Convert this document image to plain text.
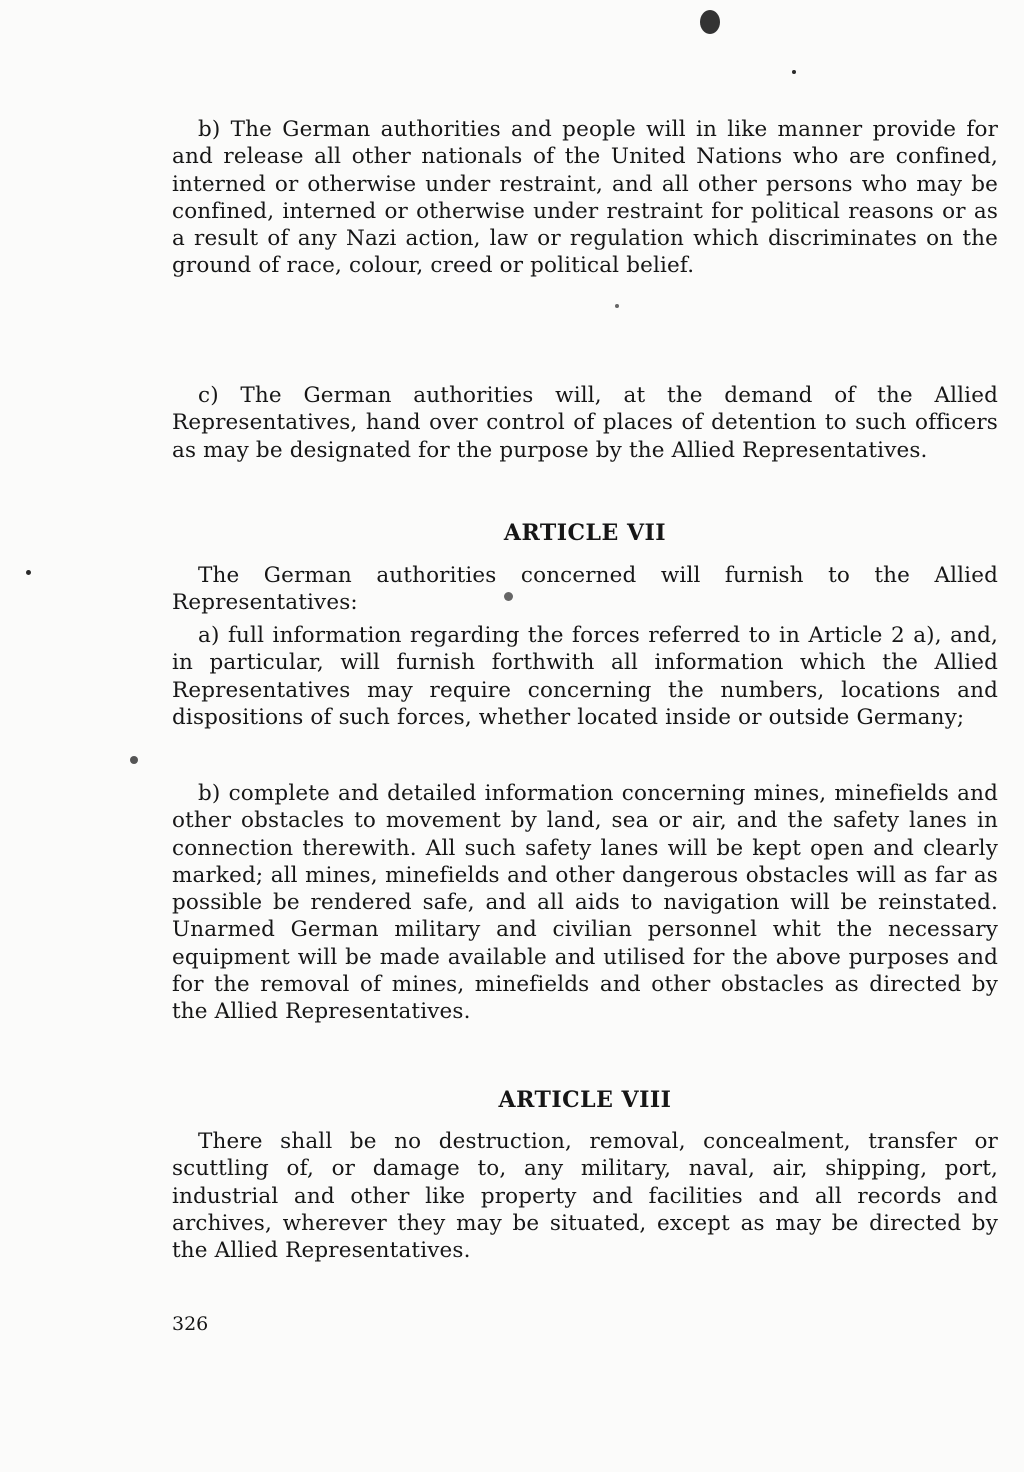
b) The German authorities and people will in like manner provide for and release all other nationals of the United Nations who are confined, interned or otherwise under restraint, and all other persons who may be confined, interned or otherwise under restraint for political reasons or as a result of any Nazi action, law or regulation which discriminates on the ground of race, colour, creed or political belief.

c) The German authorities will, at the demand of the Allied Representatives, hand over control of places of detention to such officers as may be designated for the purpose by the Allied Representatives.

ARTICLE VII

The German authorities concerned will furnish to the Allied Representatives:

a) full information regarding the forces referred to in Article 2 a), and, in particular, will furnish forthwith all information which the Allied Representatives may require concerning the numbers, locations and dispositions of such forces, whether located inside or outside Germany;

b) complete and detailed information concerning mines, minefields and other obstacles to movement by land, sea or air, and the safety lanes in connection therewith. All such safety lanes will be kept open and clearly marked; all mines, minefields and other dangerous obstacles will as far as possible be rendered safe, and all aids to navigation will be reinstated. Unarmed German military and civilian personnel whit the necessary equipment will be made available and utilised for the above purposes and for the removal of mines, minefields and other obstacles as directed by the Allied Representatives.

ARTICLE VIII

There shall be no destruction, removal, concealment, transfer or scuttling of, or damage to, any military, naval, air, shipping, port, industrial and other like property and facilities and all records and archives, wherever they may be situated, except as may be directed by the Allied Representatives.

326
